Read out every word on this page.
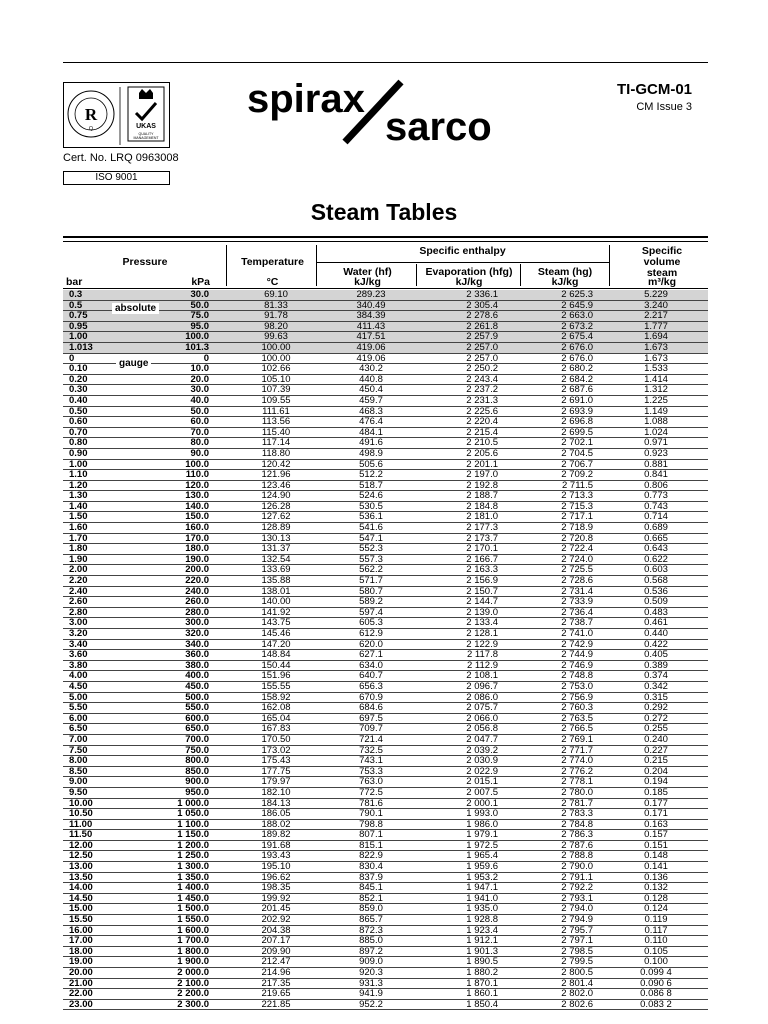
R
Q	UKAS
QUALITY
MANAGEMENT
Cert. No. LRQ 0963008
ISO 9001
spirax
sarco
TI-GCM-01
CM Issue 3
Steam Tables
Pressure
bar	kPa
Temperature
°C
Specific enthalpy
Water (hf)
kJ/kg
Evaporation (hfg)
kJ/kg
Steam (hg)
kJ/kg
Specific volume steam
m³/kg
0.3	30.0	69.10	289.23	2 336.1	2 625.3	5.229
0.5	50.0	81.33	340.49	2 305.4	2 645.9	3.240
0.75	75.0	91.78	384.39	2 278.6	2 663.0	2.217
0.95	95.0	98.20	411.43	2 261.8	2 673.2	1.777
1.00	100.0	99.63	417.51	2 257.9	2 675.4	1.694
1.013	101.3	100.00	419.06	2 257.0	2 676.0	1.673
0	0	100.00	419.06	2 257.0	2 676.0	1.673
0.10	10.0	102.66	430.2	2 250.2	2 680.2	1.533
0.20	20.0	105.10	440.8	2 243.4	2 684.2	1.414
0.30	30.0	107.39	450.4	2 237.2	2 687.6	1.312
0.40	40.0	109.55	459.7	2 231.3	2 691.0	1.225
0.50	50.0	111.61	468.3	2 225.6	2 693.9	1.149
0.60	60.0	113.56	476.4	2 220.4	2 696.8	1.088
0.70	70.0	115.40	484.1	2 215.4	2 699.5	1.024
0.80	80.0	117.14	491.6	2 210.5	2 702.1	0.971
0.90	90.0	118.80	498.9	2 205.6	2 704.5	0.923
1.00	100.0	120.42	505.6	2 201.1	2 706.7	0.881
1.10	110.0	121.96	512.2	2 197.0	2 709.2	0.841
1.20	120.0	123.46	518.7	2 192.8	2 711.5	0.806
1.30	130.0	124.90	524.6	2 188.7	2 713.3	0.773
1.40	140.0	126.28	530.5	2 184.8	2 715.3	0.743
1.50	150.0	127.62	536.1	2 181.0	2 717.1	0.714
1.60	160.0	128.89	541.6	2 177.3	2 718.9	0.689
1.70	170.0	130.13	547.1	2 173.7	2 720.8	0.665
1.80	180.0	131.37	552.3	2 170.1	2 722.4	0.643
1.90	190.0	132.54	557.3	2 166.7	2 724.0	0.622
2.00	200.0	133.69	562.2	2 163.3	2 725.5	0.603
2.20	220.0	135.88	571.7	2 156.9	2 728.6	0.568
2.40	240.0	138.01	580.7	2 150.7	2 731.4	0.536
2.60	260.0	140.00	589.2	2 144.7	2 733.9	0.509
2.80	280.0	141.92	597.4	2 139.0	2 736.4	0.483
3.00	300.0	143.75	605.3	2 133.4	2 738.7	0.461
3.20	320.0	145.46	612.9	2 128.1	2 741.0	0.440
3.40	340.0	147.20	620.0	2 122.9	2 742.9	0.422
3.60	360.0	148.84	627.1	2 117.8	2 744.9	0.405
3.80	380.0	150.44	634.0	2 112.9	2 746.9	0.389
4.00	400.0	151.96	640.7	2 108.1	2 748.8	0.374
4.50	450.0	155.55	656.3	2 096.7	2 753.0	0.342
5.00	500.0	158.92	670.9	2 086.0	2 756.9	0.315
5.50	550.0	162.08	684.6	2 075.7	2 760.3	0.292
6.00	600.0	165.04	697.5	2 066.0	2 763.5	0.272
6.50	650.0	167.83	709.7	2 056.8	2 766.5	0.255
7.00	700.0	170.50	721.4	2 047.7	2 769.1	0.240
7.50	750.0	173.02	732.5	2 039.2	2 771.7	0.227
8.00	800.0	175.43	743.1	2 030.9	2 774.0	0.215
8.50	850.0	177.75	753.3	2 022.9	2 776.2	0.204
9.00	900.0	179.97	763.0	2 015.1	2 778.1	0.194
9.50	950.0	182.10	772.5	2 007.5	2 780.0	0.185
10.00	1 000.0	184.13	781.6	2 000.1	2 781.7	0.177
10.50	1 050.0	186.05	790.1	1 993.0	2 783.3	0.171
11.00	1 100.0	188.02	798.8	1 986.0	2 784.8	0.163
11.50	1 150.0	189.82	807.1	1 979.1	2 786.3	0.157
12.00	1 200.0	191.68	815.1	1 972.5	2 787.6	0.151
12.50	1 250.0	193.43	822.9	1 965.4	2 788.8	0.148
13.00	1 300.0	195.10	830.4	1 959.6	2 790.0	0.141
13.50	1 350.0	196.62	837.9	1 953.2	2 791.1	0.136
14.00	1 400.0	198.35	845.1	1 947.1	2 792.2	0.132
14.50	1 450.0	199.92	852.1	1 941.0	2 793.1	0.128
15.00	1 500.0	201.45	859.0	1 935.0	2 794.0	0.124
15.50	1 550.0	202.92	865.7	1 928.8	2 794.9	0.119
16.00	1 600.0	204.38	872.3	1 923.4	2 795.7	0.117
17.00	1 700.0	207.17	885.0	1 912.1	2 797.1	0.110
18.00	1 800.0	209.90	897.2	1 901.3	2 798.5	0.105
19.00	1 900.0	212.47	909.0	1 890.5	2 799.5	0.100
20.00	2 000.0	214.96	920.3	1 880.2	2 800.5	0.099 4
21.00	2 100.0	217.35	931.3	1 870.1	2 801.4	0.090 6
22.00	2 200.0	219.65	941.9	1 860.1	2 802.0	0.086 8
23.00	2 300.0	221.85	952.2	1 850.4	2 802.6	0.083 2
absolute
gauge
